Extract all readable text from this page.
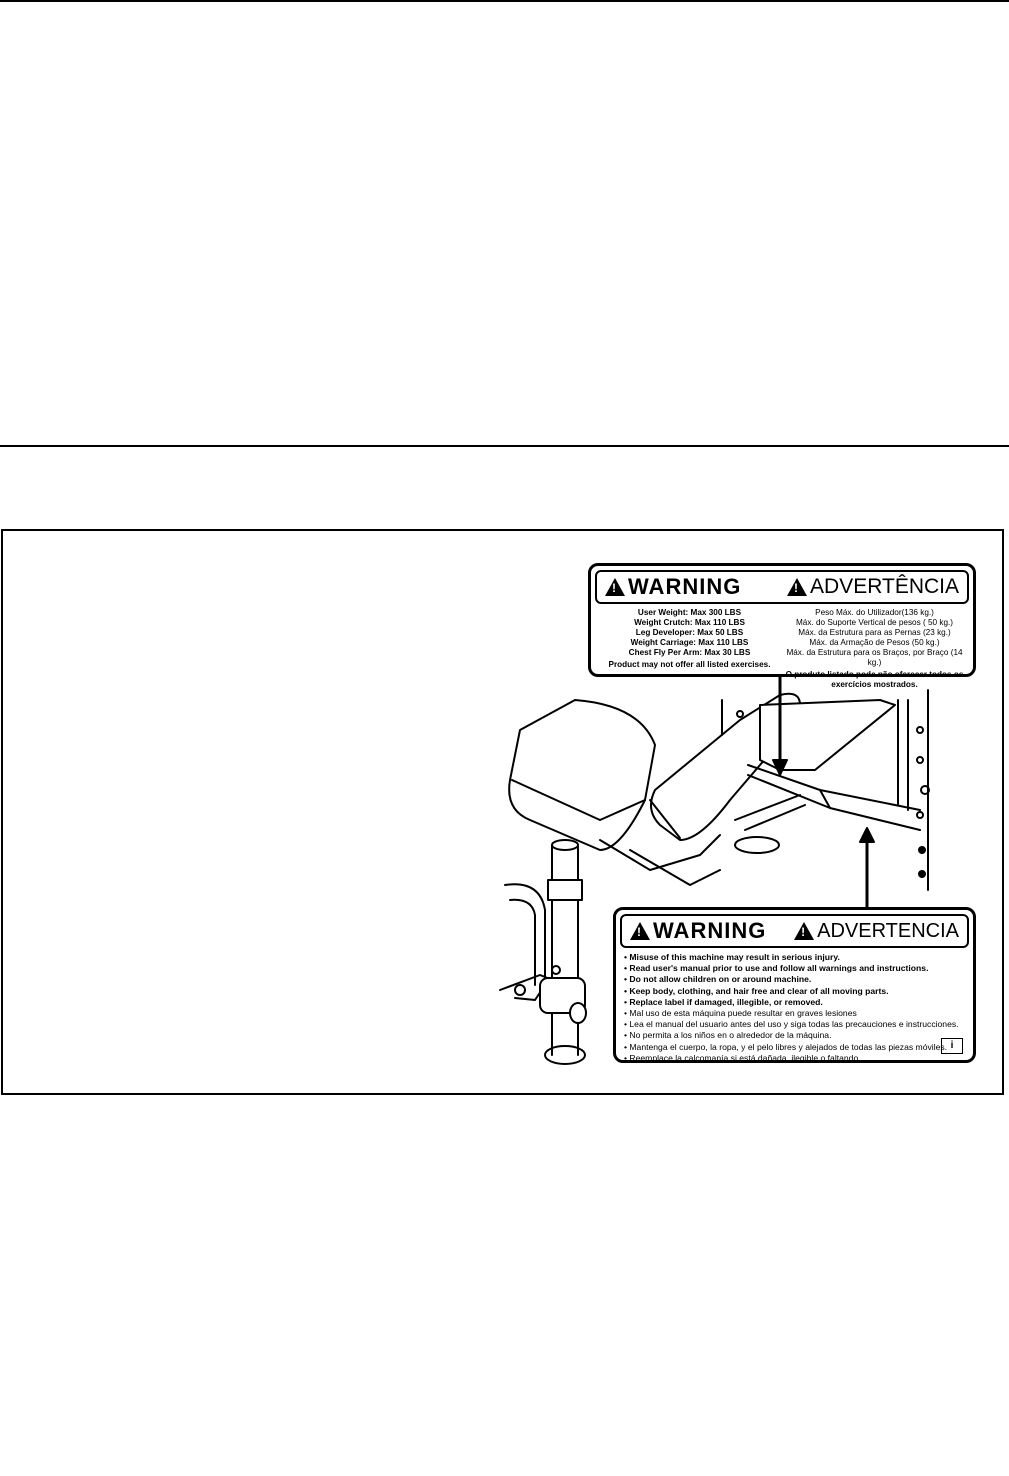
!
WARNING !	ADVERTÊNCIA
User Weight: Max 300 LBS
Weight Crutch: Max 110 LBS
Leg Developer: Max 50 LBS
Weight Carriage: Max 110 LBS
Chest Fly Per Arm: Max 30 LBS
Product may not offer all listed exercises.
Peso Máx. do Utilizador(136 kg.)
Máx. do Suporte Vertical de pesos ( 50 kg.)
Máx. da Estrutura para as Pernas (23 kg.)
Máx. da Armação de Pesos (50 kg.)
Máx. da Estrutura para os Braços, por Braço (14 kg.)
O produto listado pode não oferecer todos os exercícios mostrados.
!
WARNING !	ADVERTENCIA
• Misuse of this machine may result in serious injury.
• Read user's manual prior to use and follow all warnings and instructions.
• Do not allow children on or around machine.
• Keep body, clothing, and hair free and clear of all moving parts.
• Replace label if damaged, illegible, or removed.
• Mal uso de esta máquina puede resultar en graves lesiones
• Lea el manual del usuario antes del uso y siga todas las precauciones e instrucciones.
• No permita a los niños en o alrededor de la máquina.
• Mantenga el cuerpo, la ropa, y el pelo libres y alejados de todas las piezas móviles.
• Reemplace la calcomanía si está dañada, ilegible,o faltando.
i
